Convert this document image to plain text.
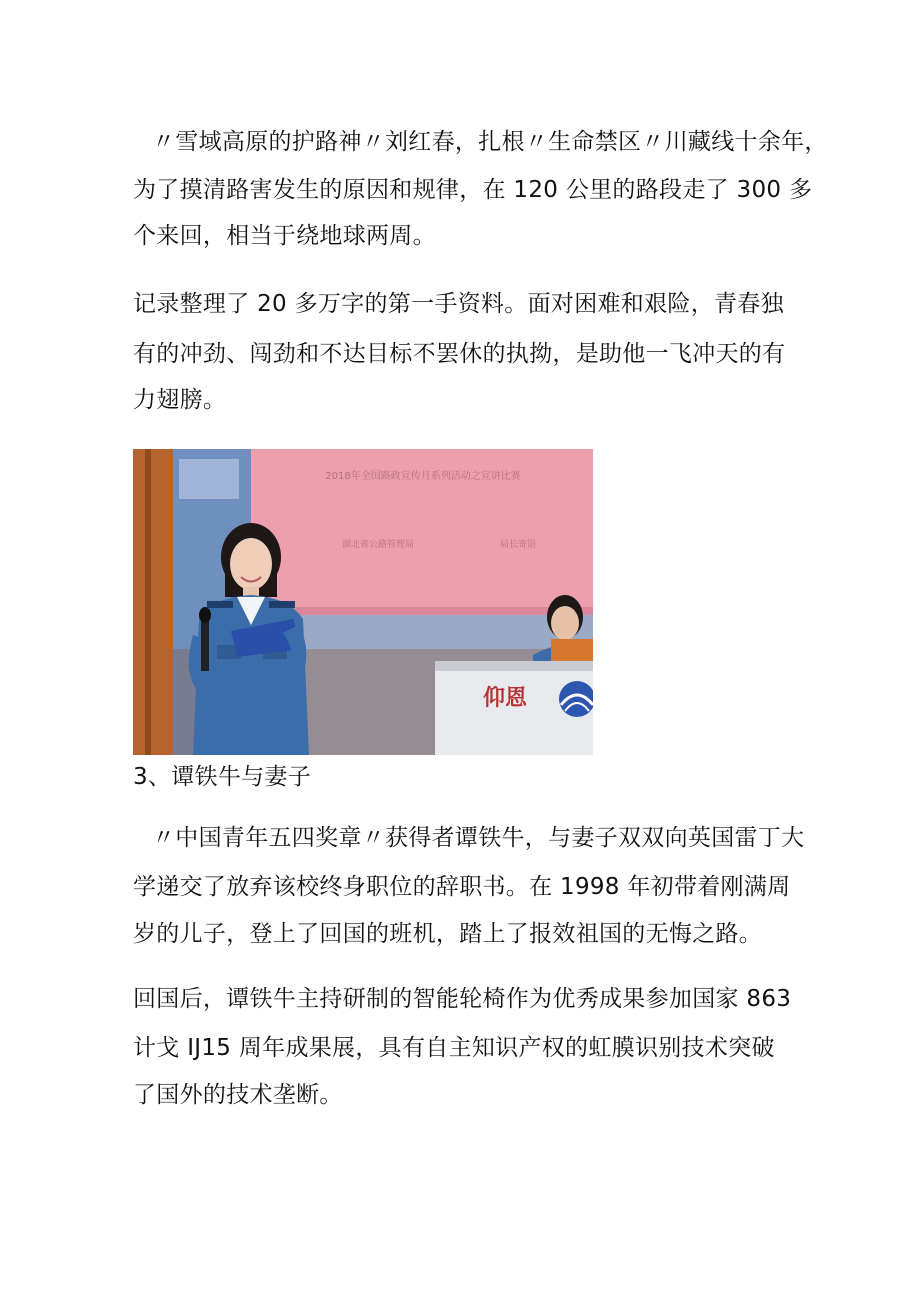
〃雪域高原的护路神〃刘红春，扎根〃生命禁区〃川藏线十余年，
为了摸清路害发生的原因和规律，在 120 公里的路段走了 300 多
个来回，相当于绕地球两周。
记录整理了 20 多万字的第一手资料。面对困难和艰险，青春独
有的冲劲、闯劲和不达目标不罢休的执拗，是助他一飞冲天的有
力翅膀。
2018年全国路政宣传月系列活动之宣讲比赛
湖北省公路管理局	局长寄语
仰恩
3、谭铁牛与妻子
〃中国青年五四奖章〃获得者谭铁牛，与妻子双双向英国雷丁大
学递交了放弃该校终身职位的辞职书。在 1998 年初带着刚满周
岁的儿子，登上了回国的班机，踏上了报效祖国的无悔之路。
回国后，谭铁牛主持研制的智能轮椅作为优秀成果参加国家 863
计戈 IJ15 周年成果展，具有自主知识产权的虹膜识别技术突破
了国外的技术垄断。
